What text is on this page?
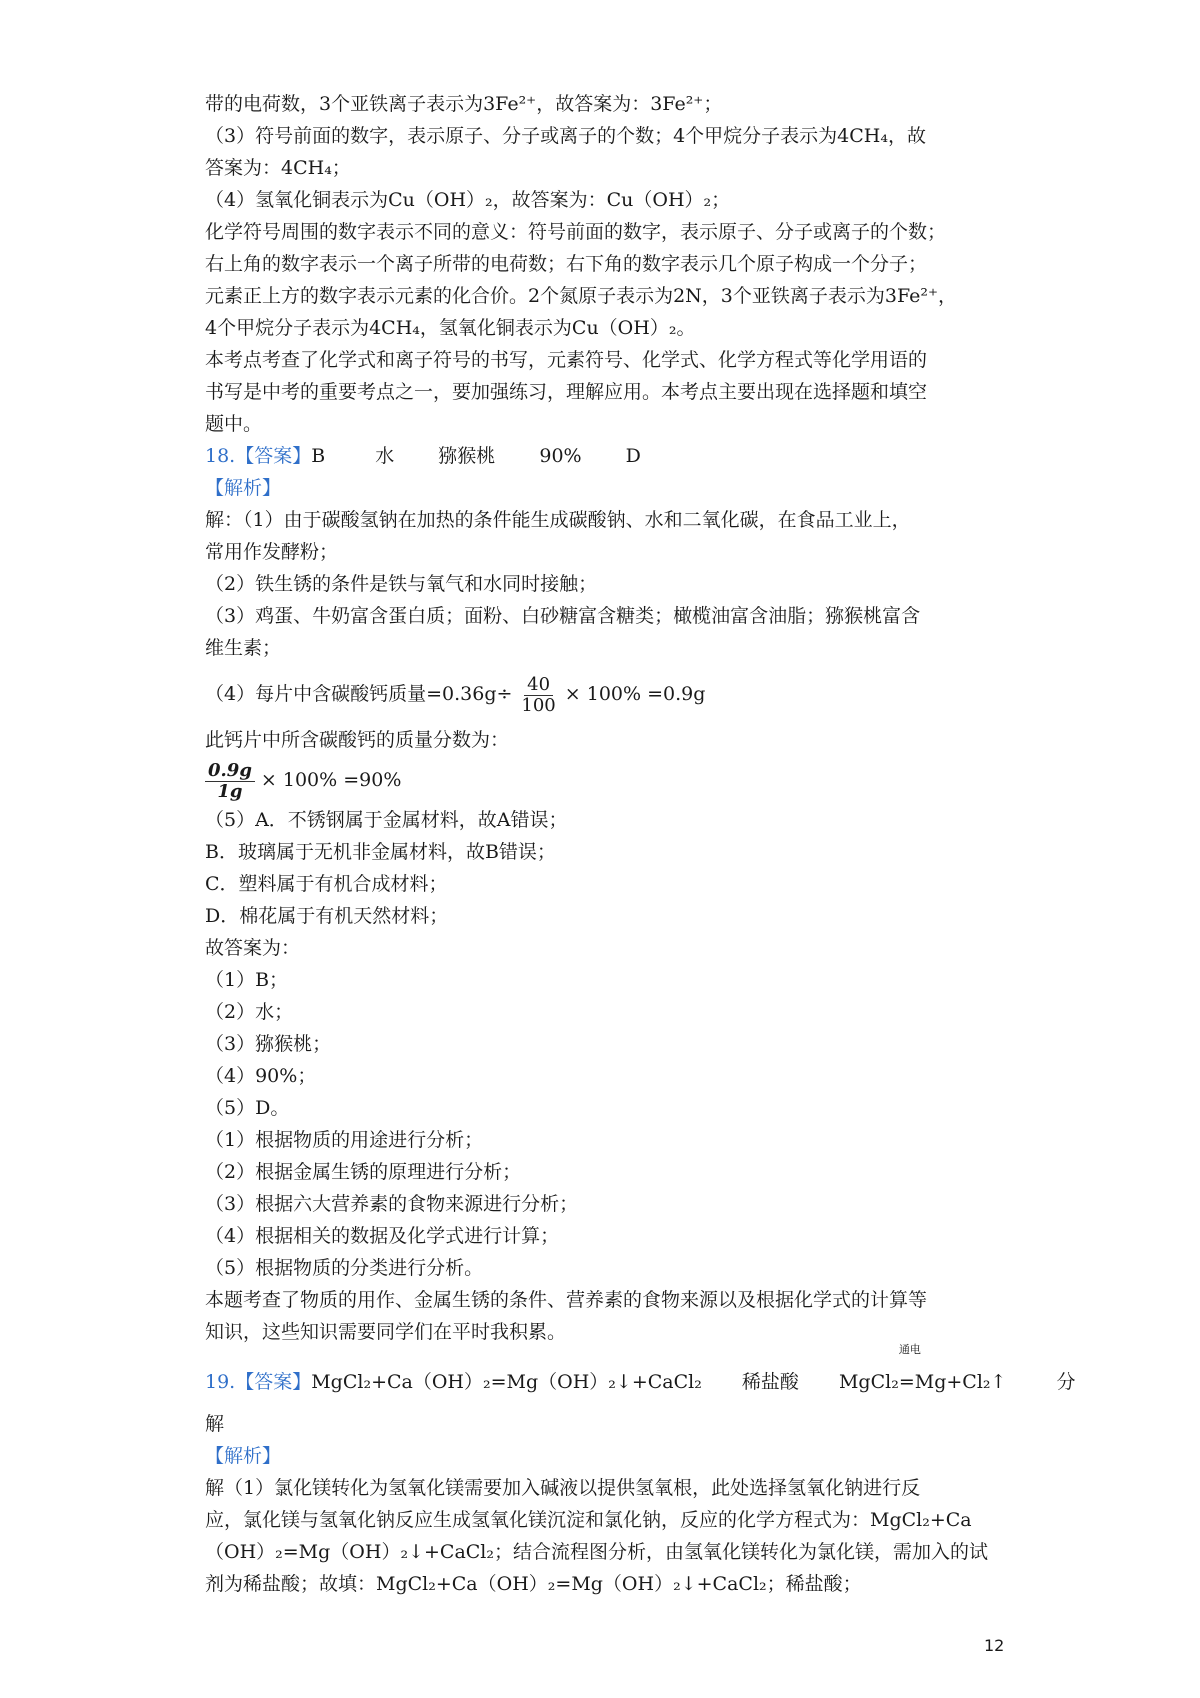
带的电荷数，3个亚铁离子表示为3Fe²⁺，故答案为：3Fe²⁺；
（3）符号前面的数字，表示原子、分子或离子的个数；4个甲烷分子表示为4CH₄，故
答案为：4CH₄；
（4）氢氧化铜表示为Cu（OH）₂，故答案为：Cu（OH）₂；
化学符号周围的数字表示不同的意义：符号前面的数字，表示原子、分子或离子的个数；
右上角的数字表示一个离子所带的电荷数；右下角的数字表示几个原子构成一个分子；
元素正上方的数字表示元素的化合价。2个氮原子表示为2N，3个亚铁离子表示为3Fe²⁺，
4个甲烷分子表示为4CH₄，氢氧化铜表示为Cu（OH）₂。
本考点考查了化学式和离子符号的书写，元素符号、化学式、化学方程式等化学用语的
书写是中考的重要考点之一，要加强练习，理解应用。本考点主要出现在选择题和填空
题中。
18.【答案】B	水 猕猴桃 90% D
【解析】
解：（1）由于碳酸氢钠在加热的条件能生成碳酸钠、水和二氧化碳，在食品工业上，
常用作发酵粉；
（2）铁生锈的条件是铁与氧气和水同时接触；
（3）鸡蛋、牛奶富含蛋白质；面粉、白砂糖富含糖类；橄榄油富含油脂；猕猴桃富含
维生素；
（4）每片中含碳酸钙质量$=0.36g\div \frac{40}{100} \times 100\% =0.9g$
此钙片中所含碳酸钙的质量分数为：
$\frac{0.9g}{1g} \times 100\% =90\%$
（5）A．不锈钢属于金属材料，故A错误；
B．玻璃属于无机非金属材料，故B错误；
C．塑料属于有机合成材料；
D．棉花属于有机天然材料；
故答案为：
（1）B；
（2）水；
（3）猕猴桃；
（4）90%；
（5）D。
（1）根据物质的用途进行分析；
（2）根据金属生锈的原理进行分析；
（3）根据六大营养素的食物来源进行分析；
（4）根据相关的数据及化学式进行计算；
（5）根据物质的分类进行分析。
本题考查了物质的用作、金属生锈的条件、营养素的食物来源以及根据化学式的计算等
知识，这些知识需要同学们在平时我积累。
19.【答案】MgCl₂+Ca（OH）₂=Mg（OH）₂↓+CaCl₂ 稀盐酸 MgCl₂
通电
=Mg+Cl₂↑	分
解
【解析】
解（1）氯化镁转化为氢氧化镁需要加入碱液以提供氢氧根，此处选择氢氧化钠进行反
应，氯化镁与氢氧化钠反应生成氢氧化镁沉淀和氯化钠，反应的化学方程式为：MgCl₂+Ca
（OH）₂=Mg（OH）₂↓+CaCl₂；结合流程图分析，由氢氧化镁转化为氯化镁，需加入的试
剂为稀盐酸；故填：MgCl₂+Ca（OH）₂=Mg（OH）₂↓+CaCl₂；稀盐酸；
12
